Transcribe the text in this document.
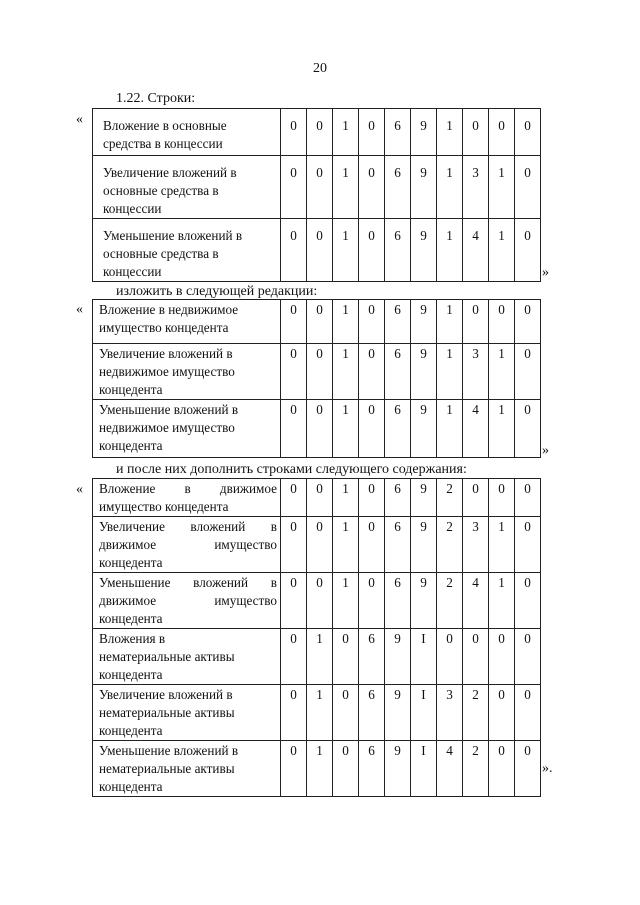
20
1.22. Строки:
« Вложение в основные средства в концессии	0	0	1	0	6	9	1	0	0	0
Увеличение вложений в основные средства в концессии	0	0	1	0	6	9	1	3	1	0
Уменьшение вложений в основные средства в концессии	0	0	1	0	6	9	1	4	1	0
»
изложить в следующей редакции:
« Вложение в недвижимое имущество концедента	0	0	1	0	6	9	1	0	0	0
Увеличение вложений в недвижимое имущество концедента	0	0	1	0	6	9	1	3	1	0
Уменьшение вложений в недвижимое имущество концедента	0	0	1	0	6	9	1	4	1	0
»
и после них дополнить строками следующего содержания:
« Вложение в движимое
имущество концедента	0	0	1	0	6	9	2	0	0	0

Увеличение вложений в
движимое имущество
концедента	0	0	1	0	6	9	2	3	1	0

Уменьшение вложений в
движимое имущество
концедента	0	0	1	0	6	9	2	4	1	0

Вложения в
нематериальные активы
концедента	0	1	0	6	9	I	0	0	0	0

Увеличение вложений в
нематериальные активы
концедента	0	1	0	6	9	I	3	2	0	0

Уменьшение вложений в
нематериальные активы
концедента	0	1	0	6	9	I	4	2	0	0
».
